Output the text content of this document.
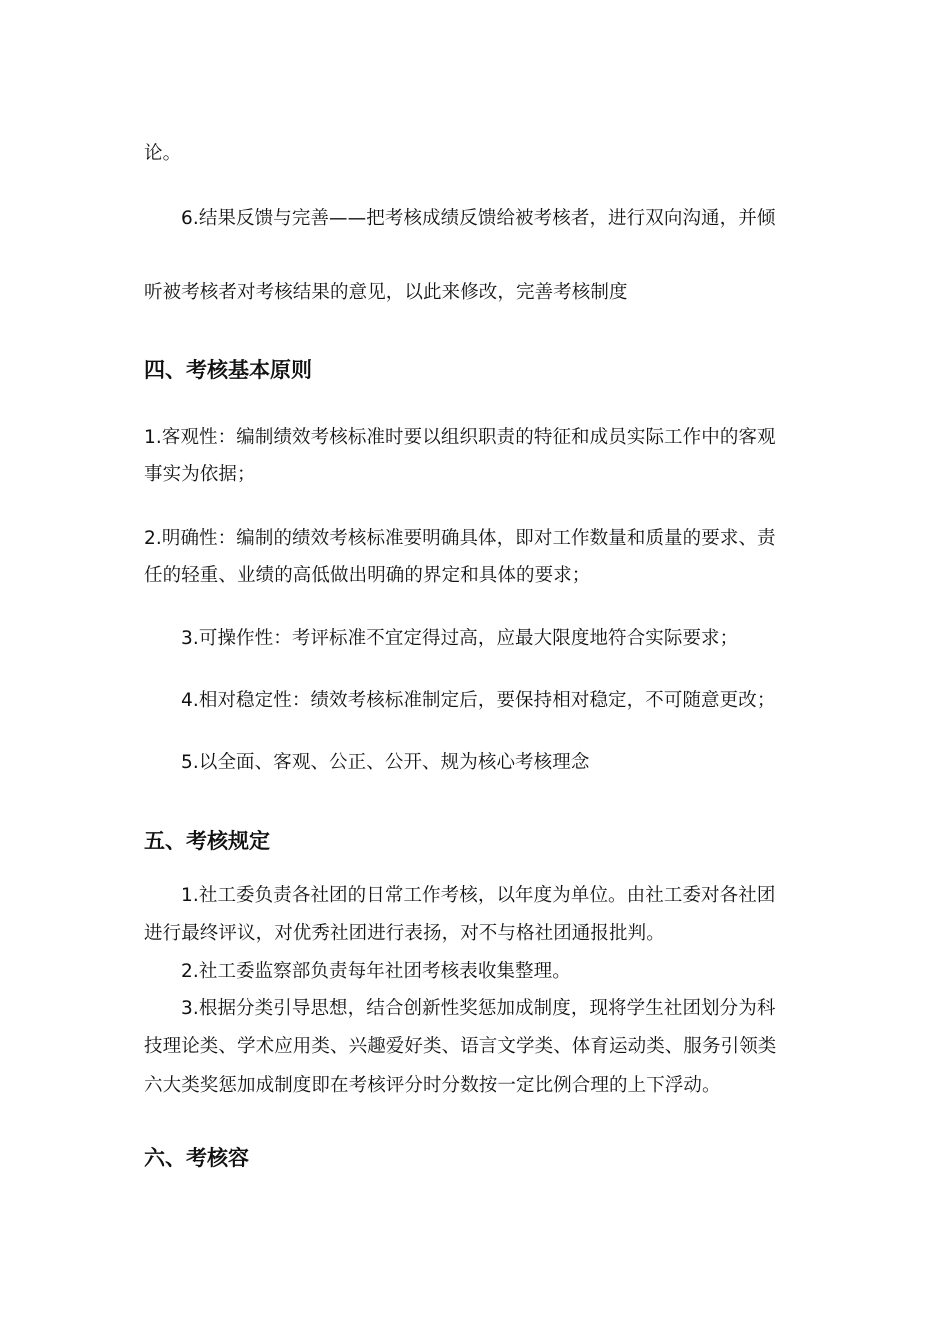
论。
6.结果反馈与完善——把考核成绩反馈给被考核者，进行双向沟通，并倾
听被考核者对考核结果的意见，以此来修改，完善考核制度
四、考核基本原则
1.客观性：编制绩效考核标准时要以组织职责的特征和成员实际工作中的客观
事实为依据；
2.明确性：编制的绩效考核标准要明确具体，即对工作数量和质量的要求、责
任的轻重、业绩的高低做出明确的界定和具体的要求；
3.可操作性：考评标准不宜定得过高，应最大限度地符合实际要求；
4.相对稳定性：绩效考核标准制定后，要保持相对稳定，不可随意更改；
5.以全面、客观、公正、公开、规为核心考核理念
五、考核规定
1.社工委负责各社团的日常工作考核，以年度为单位。由社工委对各社团
进行最终评议，对优秀社团进行表扬，对不与格社团通报批判。
2.社工委监察部负责每年社团考核表收集整理。
3.根据分类引导思想，结合创新性奖惩加成制度，现将学生社团划分为科
技理论类、学术应用类、兴趣爱好类、语言文学类、体育运动类、服务引领类
六大类奖惩加成制度即在考核评分时分数按一定比例合理的上下浮动。
六、考核容
